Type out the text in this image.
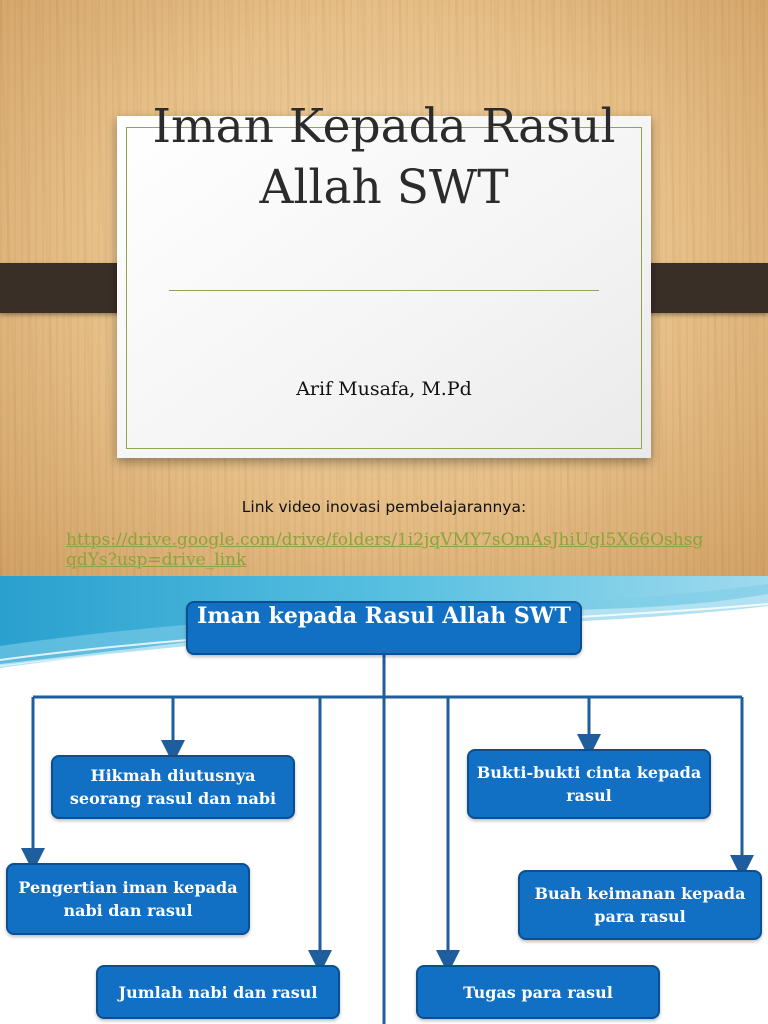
Iman Kepada Rasul Allah SWT
Arif Musafa, M.Pd
Link video inovasi pembelajarannya:
https://drive.google.com/drive/folders/1i2jqVMY7sOmAsJhiUgl5X66OshsgqdYs?usp=drive_link
Iman kepada Rasul Allah SWT
Hikmah diutusnya seorang rasul dan nabi
Pengertian iman kepada nabi dan rasul
Jumlah nabi dan rasul
Bukti-bukti cinta kepada rasul
Buah keimanan kepada para rasul
Tugas para rasul
